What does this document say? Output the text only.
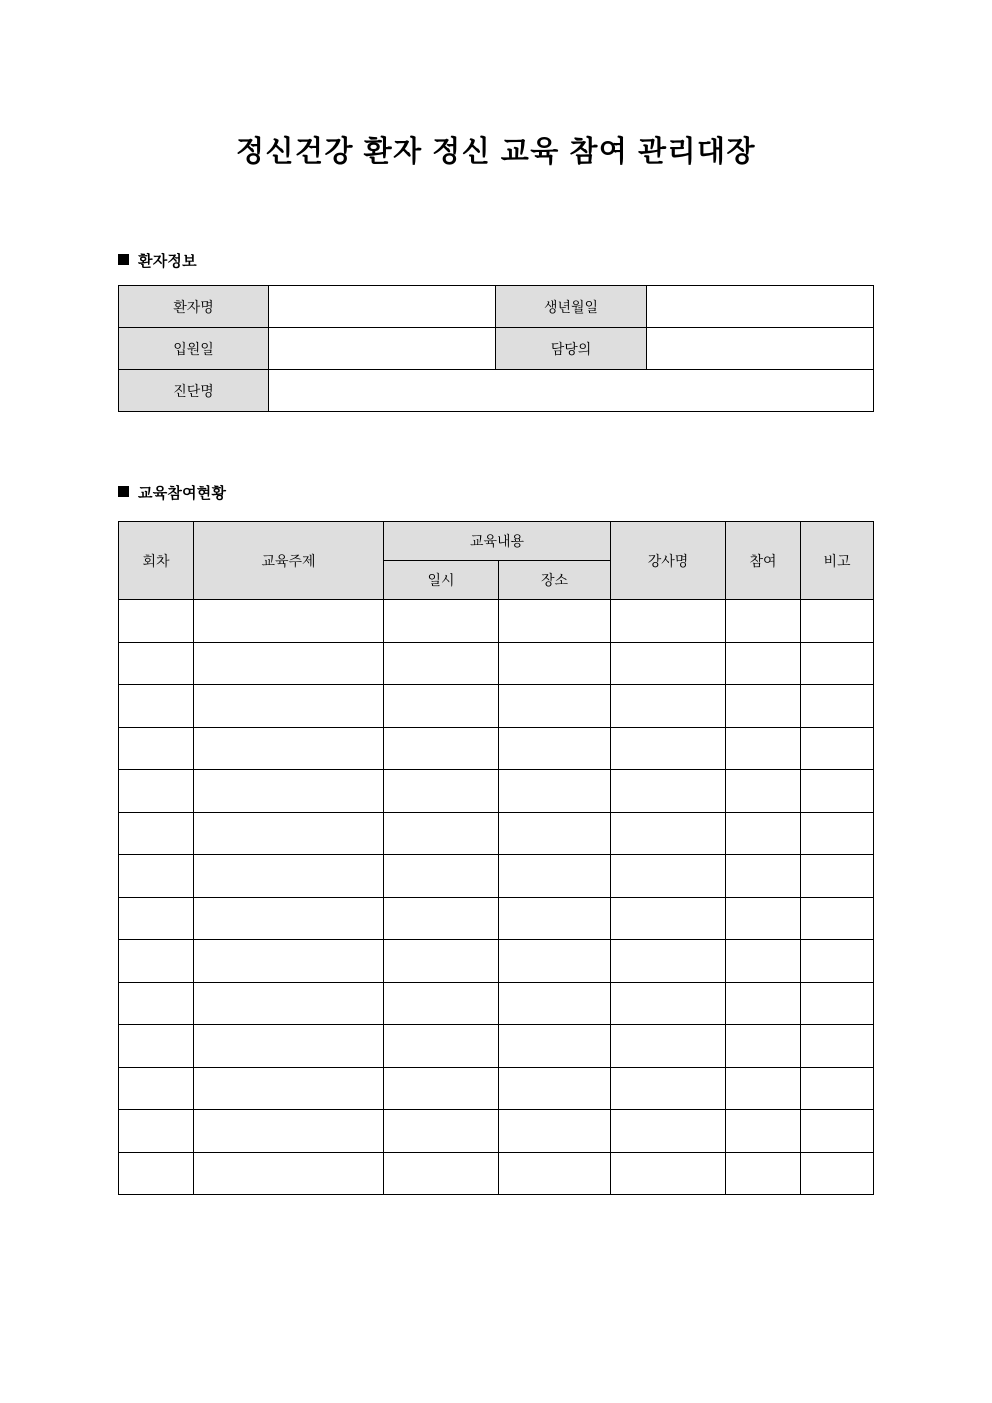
정신건강 환자 정신 교육 참여 관리대장
환자정보
환자명		생년월일	
입원일		담당의	
진단명			
교육참여현황
회차	교육주제	교육내용		강사명	참여	비고
		일시	장소			
